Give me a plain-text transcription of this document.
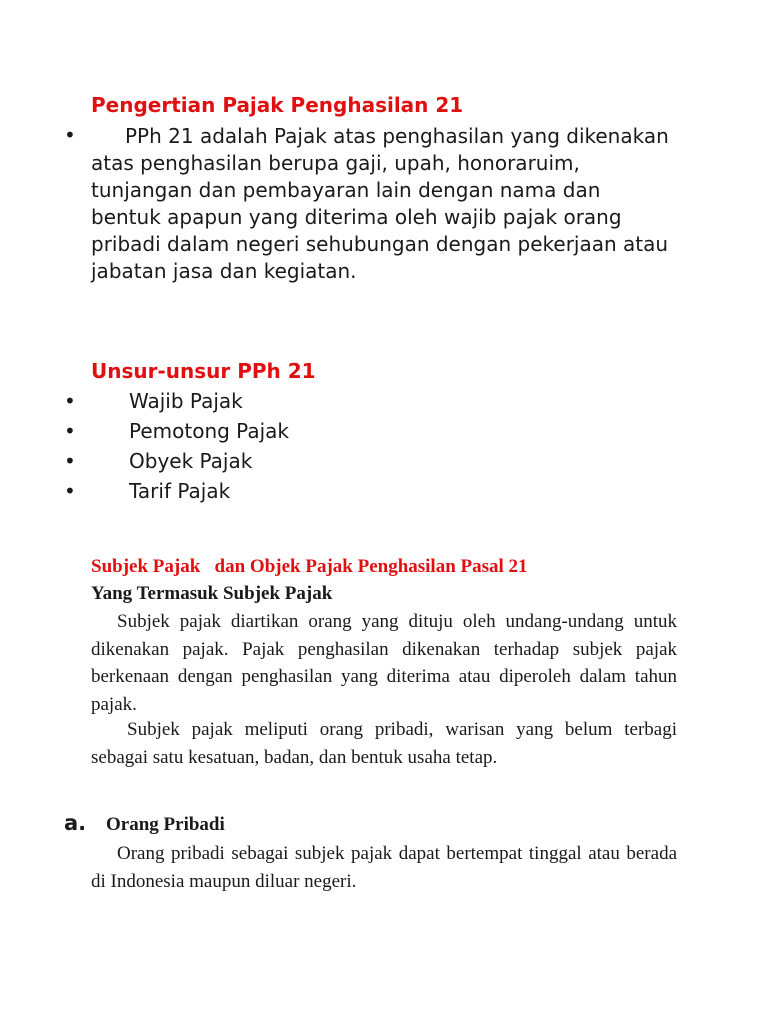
Pengertian Pajak Penghasilan 21
•	PPh 21 adalah Pajak atas penghasilan yang dikenakan atas penghasilan berupa gaji, upah, honoraruim, tunjangan dan pembayaran lain dengan nama dan bentuk apapun yang diterima oleh wajib pajak orang pribadi dalam negeri sehubungan dengan pekerjaan atau jabatan jasa dan kegiatan.
Unsur-unsur PPh 21
•	Wajib Pajak
•	Pemotong Pajak
•	Obyek Pajak
•	Tarif Pajak
Subjek Pajak   dan Objek Pajak Penghasilan Pasal 21
Yang Termasuk Subjek Pajak
Subjek pajak diartikan orang yang dituju oleh undang-undang untuk dikenakan pajak. Pajak penghasilan dikenakan terhadap subjek pajak berkenaan dengan penghasilan yang diterima atau diperoleh dalam tahun pajak.
Subjek pajak meliputi orang pribadi, warisan yang belum terbagi sebagai satu kesatuan, badan, dan bentuk usaha tetap.
a. Orang Pribadi
Orang pribadi sebagai subjek pajak dapat bertempat tinggal atau berada di Indonesia maupun diluar negeri.
